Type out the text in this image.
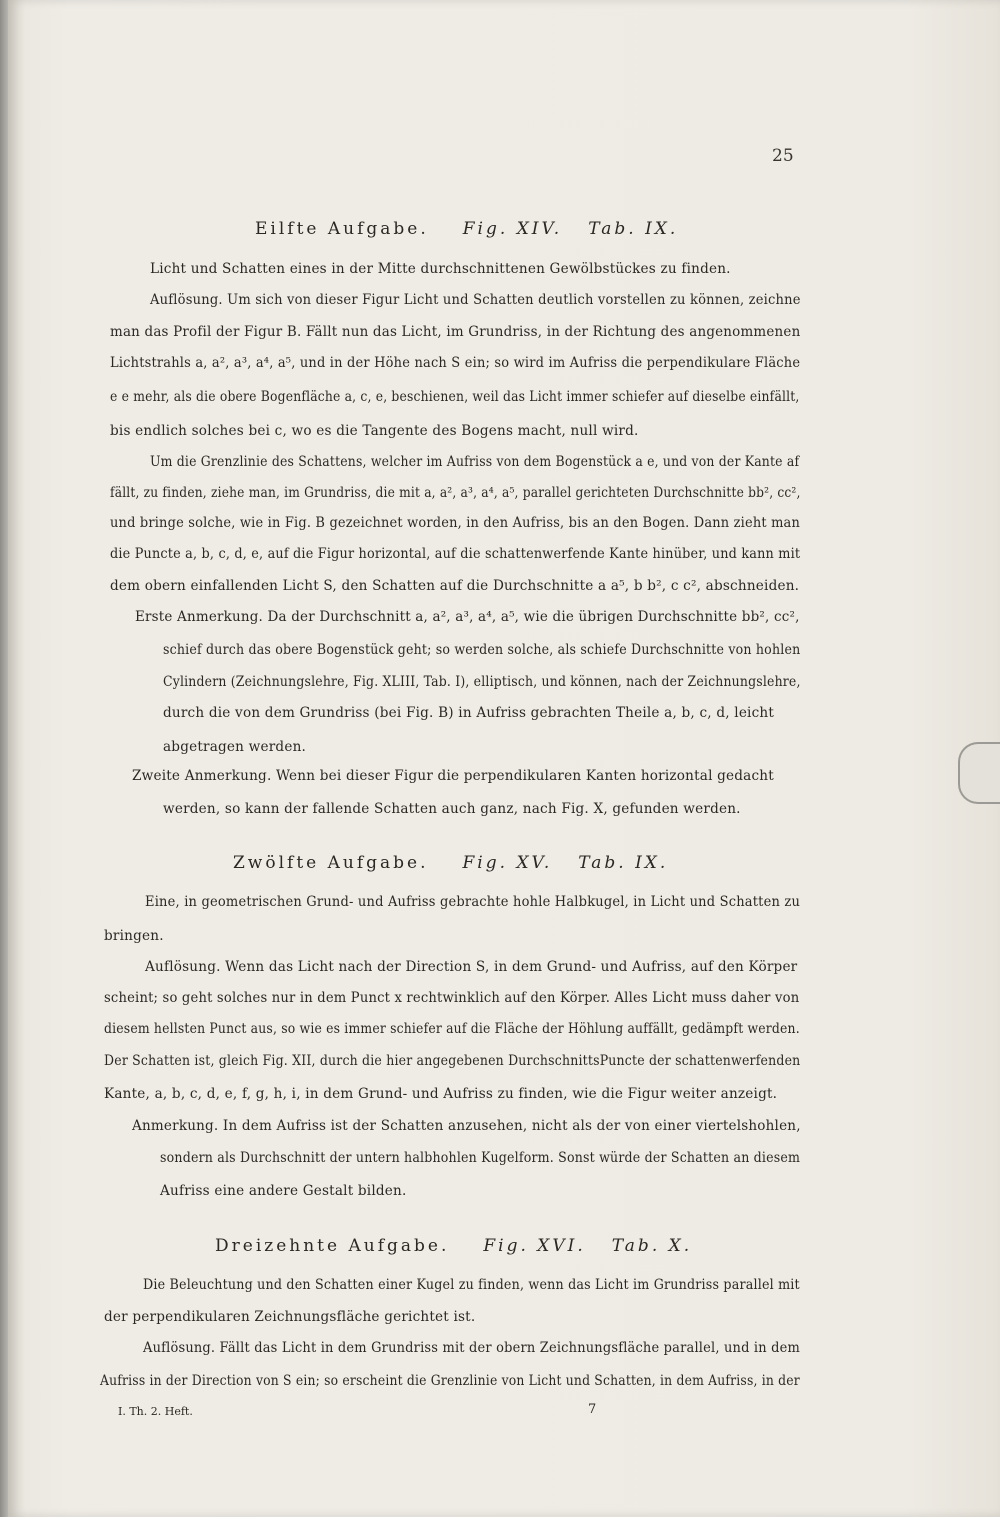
25
Eilfte Aufgabe. Fig. XIV. Tab. IX.
Licht und Schatten eines in der Mitte durchschnittenen Gewölbstückes zu finden.
Auflösung. Um sich von dieser Figur Licht und Schatten deutlich vorstellen zu können, zeichne
man das Profil der Figur B. Fällt nun das Licht, im Grundriss, in der Richtung des angenommenen
Lichtstrahls a, a², a³, a⁴, a⁵, und in der Höhe nach S ein; so wird im Aufriss die perpendikulare Fläche
e e mehr, als die obere Bogenfläche a, c, e, beschienen, weil das Licht immer schiefer auf dieselbe einfällt,
bis endlich solches bei c, wo es die Tangente des Bogens macht, null wird.
Um die Grenzlinie des Schattens, welcher im Aufriss von dem Bogenstück a e, und von der Kante af
fällt, zu finden, ziehe man, im Grundriss, die mit a, a², a³, a⁴, a⁵, parallel gerichteten Durchschnitte bb², cc²,
und bringe solche, wie in Fig. B gezeichnet worden, in den Aufriss, bis an den Bogen. Dann zieht man
die Puncte a, b, c, d, e, auf die Figur horizontal, auf die schattenwerfende Kante hinüber, und kann mit
dem obern einfallenden Licht S, den Schatten auf die Durchschnitte a a⁵, b b², c c², abschneiden.
Erste Anmerkung. Da der Durchschnitt a, a², a³, a⁴, a⁵, wie die übrigen Durchschnitte bb², cc²,
schief durch das obere Bogenstück geht; so werden solche, als schiefe Durchschnitte von hohlen
Cylindern (Zeichnungslehre, Fig. XLIII, Tab. I), elliptisch, und können, nach der Zeichnungslehre,
durch die von dem Grundriss (bei Fig. B) in Aufriss gebrachten Theile a, b, c, d, leicht
abgetragen werden.
Zweite Anmerkung. Wenn bei dieser Figur die perpendikularen Kanten horizontal gedacht
werden, so kann der fallende Schatten auch ganz, nach Fig. X, gefunden werden.
Zwölfte Aufgabe. Fig. XV. Tab. IX.
Eine, in geometrischen Grund- und Aufriss gebrachte hohle Halbkugel, in Licht und Schatten zu
bringen.
Auflösung. Wenn das Licht nach der Direction S, in dem Grund- und Aufriss, auf den Körper
scheint; so geht solches nur in dem Punct x rechtwinklich auf den Körper. Alles Licht muss daher von
diesem hellsten Punct aus, so wie es immer schiefer auf die Fläche der Höhlung auffällt, gedämpft werden.
Der Schatten ist, gleich Fig. XII, durch die hier angegebenen DurchschnittsPuncte der schattenwerfenden
Kante, a, b, c, d, e, f, g, h, i, in dem Grund- und Aufriss zu finden, wie die Figur weiter anzeigt.
Anmerkung. In dem Aufriss ist der Schatten anzusehen, nicht als der von einer viertelshohlen,
sondern als Durchschnitt der untern halbhohlen Kugelform. Sonst würde der Schatten an diesem
Aufriss eine andere Gestalt bilden.
Dreizehnte Aufgabe. Fig. XVI. Tab. X.
Die Beleuchtung und den Schatten einer Kugel zu finden, wenn das Licht im Grundriss parallel mit
der perpendikularen Zeichnungsfläche gerichtet ist.
Auflösung. Fällt das Licht in dem Grundriss mit der obern Zeichnungsfläche parallel, und in dem
Aufriss in der Direction von S ein; so erscheint die Grenzlinie von Licht und Schatten, in dem Aufriss, in der
I. Th. 2. Heft.	7
